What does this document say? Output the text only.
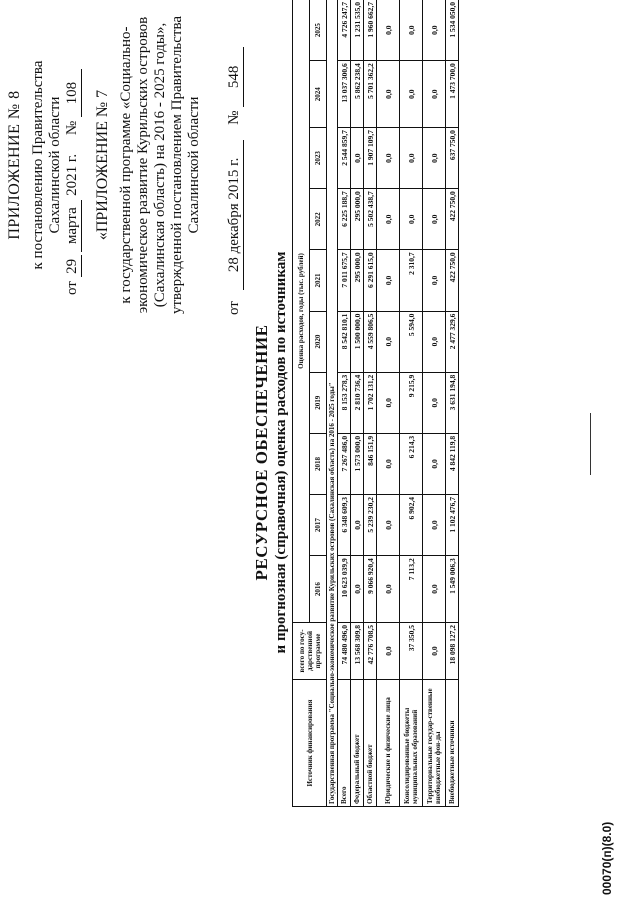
ПРИЛОЖЕНИЕ № 8 к постановлению Правительства Сахалинской области
от 29 марта 2021 г.     № 108 «ПРИЛОЖЕНИЕ № 7 к государственной программе «Социально- экономическое развитие Курильских островов (Сахалинская область) на 2016 - 2025 годы», утвержденной постановлением Правительства Сахалинской области
от   28 декабря 2015 г.    № 548
РЕСУРСНОЕ ОБЕСПЕЧЕНИЕ и прогнозная (справочная) оценка расходов по источникам
Источник финансирования	всего по госу-дарственной программе	Оценка расходов, годы (тыс. рублей)									
		2016	2017	2018	2019	2020	2021	2022	2023	2024	2025
Государственная программа "Социально-экономическое развитие Курильских островов (Сахалинская область) на 2016 - 2025 годы"											
Всего	74 480 496,0	10 623 039,9	6 348 609,3	7 267 486,0	8 153 278,3	8 542 810,1	7 011 675,7	6 225 188,7	2 544 859,7	13 037 300,6	4 726 247,7
Федеральный бюджет	13 568 309,8	0,0	0,0	1 573 000,0	2 810 736,4	1 500 000,0	295 000,0	295 000,0	0,0	5 862 238,4	1 231 535,0
Областной бюджет	42 776 708,5	9 066 920,4	5 239 230,2	846 151,9	1 702 131,2	4 559 806,5	6 291 615,0	5 502 438,7	1 907 109,7	5 701 362,2	1 960 662,7
Юридические и физические лица	0,0	0,0	0,0	0,0	0,0	0,0	0,0	0,0	0,0	0,0	0,0
Консолидированные бюджеты муниципальных образований	37 350,5	7 113,2	6 902,4	6 214,3	9 215,9	5 594,0	2 310,7	0,0	0,0	0,0	0,0
Территориальные государ-ственные внебюджетные фон-ды	0,0	0,0	0,0	0,0	0,0	0,0	0,0	0,0	0,0	0,0	0,0
Внебюджетные источники	18 098 127,2	1 549 006,3	1 102 476,7	4 842 119,8	3 631 194,8	2 477 329,6	422 750,0	422 750,0	637 750,0	1 473 700,0	1 534 050,0
00070(п)(8.0)
